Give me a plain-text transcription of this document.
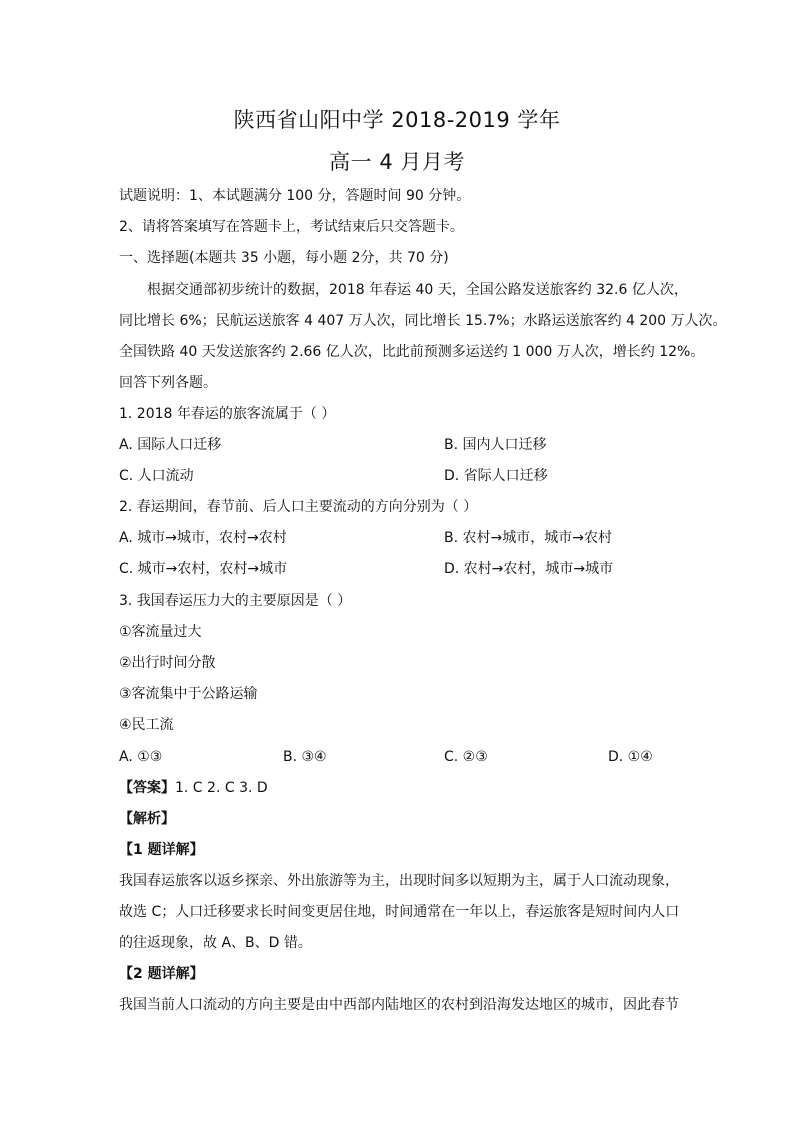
陕西省山阳中学 2018-2019 学年
高一 4 月月考
试题说明：1、本试题满分 100 分，答题时间 90 分钟。
2、请将答案填写在答题卡上，考试结束后只交答题卡。
一、选择题(本题共 35 小题，每小题 2分，共 70 分)
根据交通部初步统计的数据，2018 年春运 40 天，全国公路发送旅客约 32.6 亿人次，
同比增长 6%；民航运送旅客 4 407 万人次，同比增长 15.7%；水路运送旅客约 4 200 万人次。
全国铁路 40 天发送旅客约 2.66 亿人次，比此前预测多运送约 1 000 万人次，增长约 12%。
回答下列各题。
1. 2018 年春运的旅客流属于（ ）
A. 国际人口迁移	B. 国内人口迁移
C. 人口流动	D. 省际人口迁移
2. 春运期间，春节前、后人口主要流动的方向分别为（ ）
A. 城市→城市，农村→农村	B. 农村→城市，城市→农村
C. 城市→农村，农村→城市	D. 农村→农村，城市→城市
3. 我国春运压力大的主要原因是（ ）
①客流量过大
②出行时间分散
③客流集中于公路运输
④民工流
A. ①③	B. ③④	C. ②③	D. ①④
【答案】1. C 2. C 3. D
【解析】
【1 题详解】
我国春运旅客以返乡探亲、外出旅游等为主，出现时间多以短期为主，属于人口流动现象，
故选 C；人口迁移要求长时间变更居住地，时间通常在一年以上，春运旅客是短时间内人口
的往返现象，故 A、B、D 错。
【2 题详解】
我国当前人口流动的方向主要是由中西部内陆地区的农村到沿海发达地区的城市，因此春节
